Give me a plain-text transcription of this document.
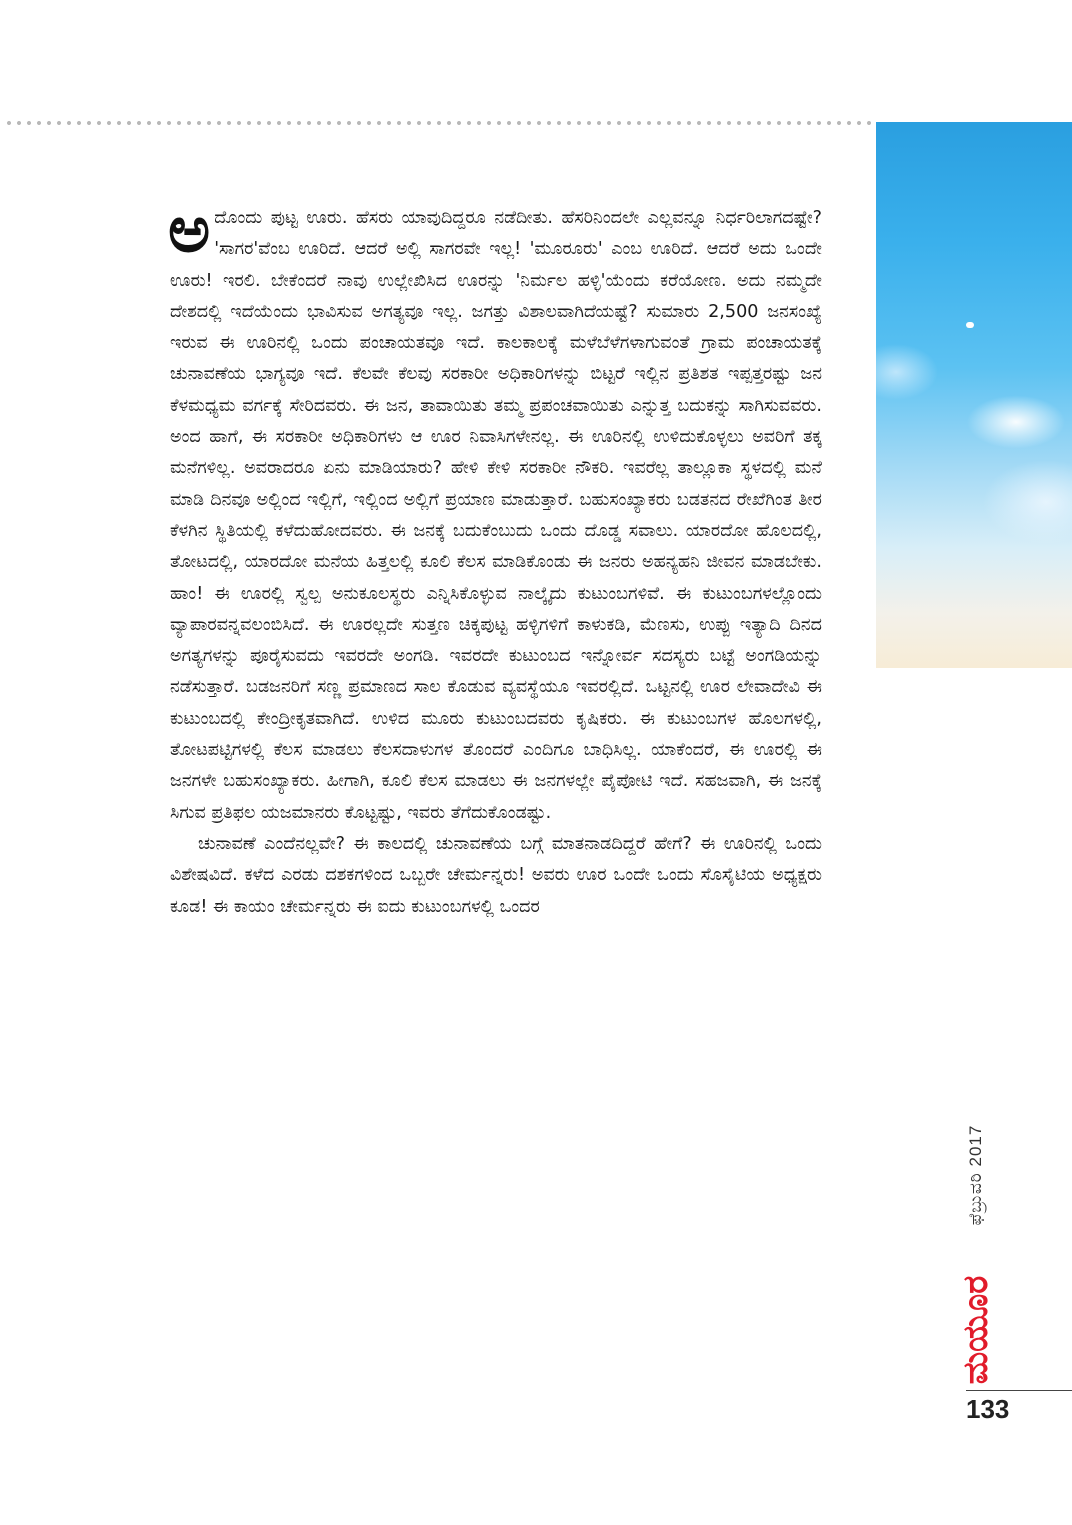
ಅದೊಂದು ಪುಟ್ಟ ಊರು. ಹೆಸರು ಯಾವುದಿದ್ದರೂ ನಡೆದೀತು. ಹೆಸರಿನಿಂದಲೇ ಎಲ್ಲವನ್ನೂ ನಿರ್ಧರಿಲಾಗದಷ್ಟೇ? 'ಸಾಗರ'ವೆಂಬ ಊರಿದೆ. ಆದರೆ ಅಲ್ಲಿ ಸಾಗರವೇ ಇಲ್ಲ! 'ಮೂರೂರು' ಎಂಬ ಊರಿದೆ. ಆದರೆ ಅದು ಒಂದೇ ಊರು! ಇರಲಿ. ಬೇಕೆಂದರೆ ನಾವು ಉಲ್ಲೇಖಿಸಿದ ಊರನ್ನು 'ನಿರ್ಮಲ ಹಳ್ಳಿ'ಯೆಂದು ಕರೆಯೋಣ. ಅದು ನಮ್ಮದೇ ದೇಶದಲ್ಲಿ ಇದೆಯೆಂದು ಭಾವಿಸುವ ಅಗತ್ಯವೂ ಇಲ್ಲ. ಜಗತ್ತು ವಿಶಾಲವಾಗಿದೆಯಷ್ಟೆ? ಸುಮಾರು 2,500 ಜನಸಂಖ್ಯೆ ಇರುವ ಈ ಊರಿನಲ್ಲಿ ಒಂದು ಪಂಚಾಯತವೂ ಇದೆ. ಕಾಲಕಾಲಕ್ಕೆ ಮಳೆಬೆಳೆಗಳಾಗುವಂತೆ ಗ್ರಾಮ ಪಂಚಾಯತಕ್ಕೆ ಚುನಾವಣೆಯ ಭಾಗ್ಯವೂ ಇದೆ. ಕೆಲವೇ ಕೆಲವು ಸರಕಾರೀ ಅಧಿಕಾರಿಗಳನ್ನು ಬಿಟ್ಟರೆ ಇಲ್ಲಿನ ಪ್ರತಿಶತ ಇಪ್ಪತ್ತರಷ್ಟು ಜನ ಕೆಳಮಧ್ಯಮ ವರ್ಗಕ್ಕೆ ಸೇರಿದವರು. ಈ ಜನ, ತಾವಾಯಿತು ತಮ್ಮ ಪ್ರಪಂಚವಾಯಿತು ಎನ್ನುತ್ತ ಬದುಕನ್ನು ಸಾಗಿಸುವವರು. ಅಂದ ಹಾಗೆ, ಈ ಸರಕಾರೀ ಅಧಿಕಾರಿಗಳು ಆ ಊರ ನಿವಾಸಿಗಳೇನಲ್ಲ. ಈ ಊರಿನಲ್ಲಿ ಉಳಿದುಕೊಳ್ಳಲು ಅವರಿಗೆ ತಕ್ಕ ಮನೆಗಳಿಲ್ಲ. ಅವರಾದರೂ ಏನು ಮಾಡಿಯಾರು? ಹೇಳಿ ಕೇಳಿ ಸರಕಾರೀ ನೌಕರಿ. ಇವರೆಲ್ಲ ತಾಲ್ಲೂಕಾ ಸ್ಥಳದಲ್ಲಿ ಮನೆ ಮಾಡಿ ದಿನವೂ ಅಲ್ಲಿಂದ ಇಲ್ಲಿಗೆ, ಇಲ್ಲಿಂದ ಅಲ್ಲಿಗೆ ಪ್ರಯಾಣ ಮಾಡುತ್ತಾರೆ. ಬಹುಸಂಖ್ಯಾಕರು ಬಡತನದ ರೇಖೆಗಿಂತ ತೀರ ಕೆಳಗಿನ ಸ್ಥಿತಿಯಲ್ಲಿ ಕಳೆದುಹೋದವರು. ಈ ಜನಕ್ಕೆ ಬದುಕೆಂಬುದು ಒಂದು ದೊಡ್ಡ ಸವಾಲು. ಯಾರದೋ ಹೊಲದಲ್ಲಿ, ತೋಟದಲ್ಲಿ, ಯಾರದೋ ಮನೆಯ ಹಿತ್ತಲಲ್ಲಿ ಕೂಲಿ ಕೆಲಸ ಮಾಡಿಕೊಂಡು ಈ ಜನರು ಅಹನ್ಯಹನಿ ಜೀವನ ಮಾಡಬೇಕು. ಹಾಂ! ಈ ಊರಲ್ಲಿ ಸ್ವಲ್ಪ ಅನುಕೂಲಸ್ಥರು ಎನ್ನಿಸಿಕೊಳ್ಳುವ ನಾಲ್ಕೈದು ಕುಟುಂಬಗಳಿವೆ. ಈ ಕುಟುಂಬಗಳಲ್ಲೊಂದು ವ್ಯಾಪಾರವನ್ನವಲಂಬಿಸಿದೆ. ಈ ಊರಲ್ಲದೇ ಸುತ್ತಣ ಚಿಕ್ಕಪುಟ್ಟ ಹಳ್ಳಿಗಳಿಗೆ ಕಾಳುಕಡಿ, ಮೆಣಸು, ಉಪ್ಪು ಇತ್ಯಾದಿ ದಿನದ ಅಗತ್ಯಗಳನ್ನು ಪೂರೈಸುವದು ಇವರದೇ ಅಂಗಡಿ. ಇವರದೇ ಕುಟುಂಬದ ಇನ್ನೋರ್ವ ಸದಸ್ಯರು ಬಟ್ಟೆ ಅಂಗಡಿಯನ್ನು ನಡೆಸುತ್ತಾರೆ. ಬಡಜನರಿಗೆ ಸಣ್ಣ ಪ್ರಮಾಣದ ಸಾಲ ಕೊಡುವ ವ್ಯವಸ್ಥೆಯೂ ಇವರಲ್ಲಿದೆ. ಒಟ್ಟನಲ್ಲಿ ಊರ ಲೇವಾದೇವಿ ಈ ಕುಟುಂಬದಲ್ಲಿ ಕೇಂದ್ರೀಕೃತವಾಗಿದೆ. ಉಳಿದ ಮೂರು ಕುಟುಂಬದವರು ಕೃಷಿಕರು. ಈ ಕುಟುಂಬಗಳ ಹೊಲಗಳಲ್ಲಿ, ತೋಟಪಟ್ಟಿಗಳಲ್ಲಿ ಕೆಲಸ ಮಾಡಲು ಕೆಲಸದಾಳುಗಳ ತೊಂದರೆ ಎಂದಿಗೂ ಬಾಧಿಸಿಲ್ಲ. ಯಾಕೆಂದರೆ, ಈ ಊರಲ್ಲಿ ಈ ಜನಗಳೇ ಬಹುಸಂಖ್ಯಾಕರು. ಹೀಗಾಗಿ, ಕೂಲಿ ಕೆಲಸ ಮಾಡಲು ಈ ಜನಗಳಲ್ಲೇ ಪೈಪೋಟಿ ಇದೆ. ಸಹಜವಾಗಿ, ಈ ಜನಕ್ಕೆ ಸಿಗುವ ಪ್ರತಿಫಲ ಯಜಮಾನರು ಕೊಟ್ಟಷ್ಟು, ಇವರು ತೆಗೆದುಕೊಂಡಷ್ಟು.

ಚುನಾವಣೆ ಎಂದೆನಲ್ಲವೇ? ಈ ಕಾಲದಲ್ಲಿ ಚುನಾವಣೆಯ ಬಗ್ಗೆ ಮಾತನಾಡದಿದ್ದರೆ ಹೇಗೆ? ಈ ಊರಿನಲ್ಲಿ ಒಂದು ವಿಶೇಷವಿದೆ. ಕಳೆದ ಎರಡು ದಶಕಗಳಿಂದ ಒಬ್ಬರೇ ಚೇರ್ಮನ್ನರು! ಅವರು ಊರ ಒಂದೇ ಒಂದು ಸೊಸೈಟಿಯ ಅಧ್ಯಕ್ಷರು ಕೂಡ! ಈ ಕಾಯಂ ಚೇರ್ಮನ್ನರು ಈ ಐದು ಕುಟುಂಬಗಳಲ್ಲಿ ಒಂದರ

ಫೆಬ್ರುವರಿ 2017
ಮಯೂರ
133
